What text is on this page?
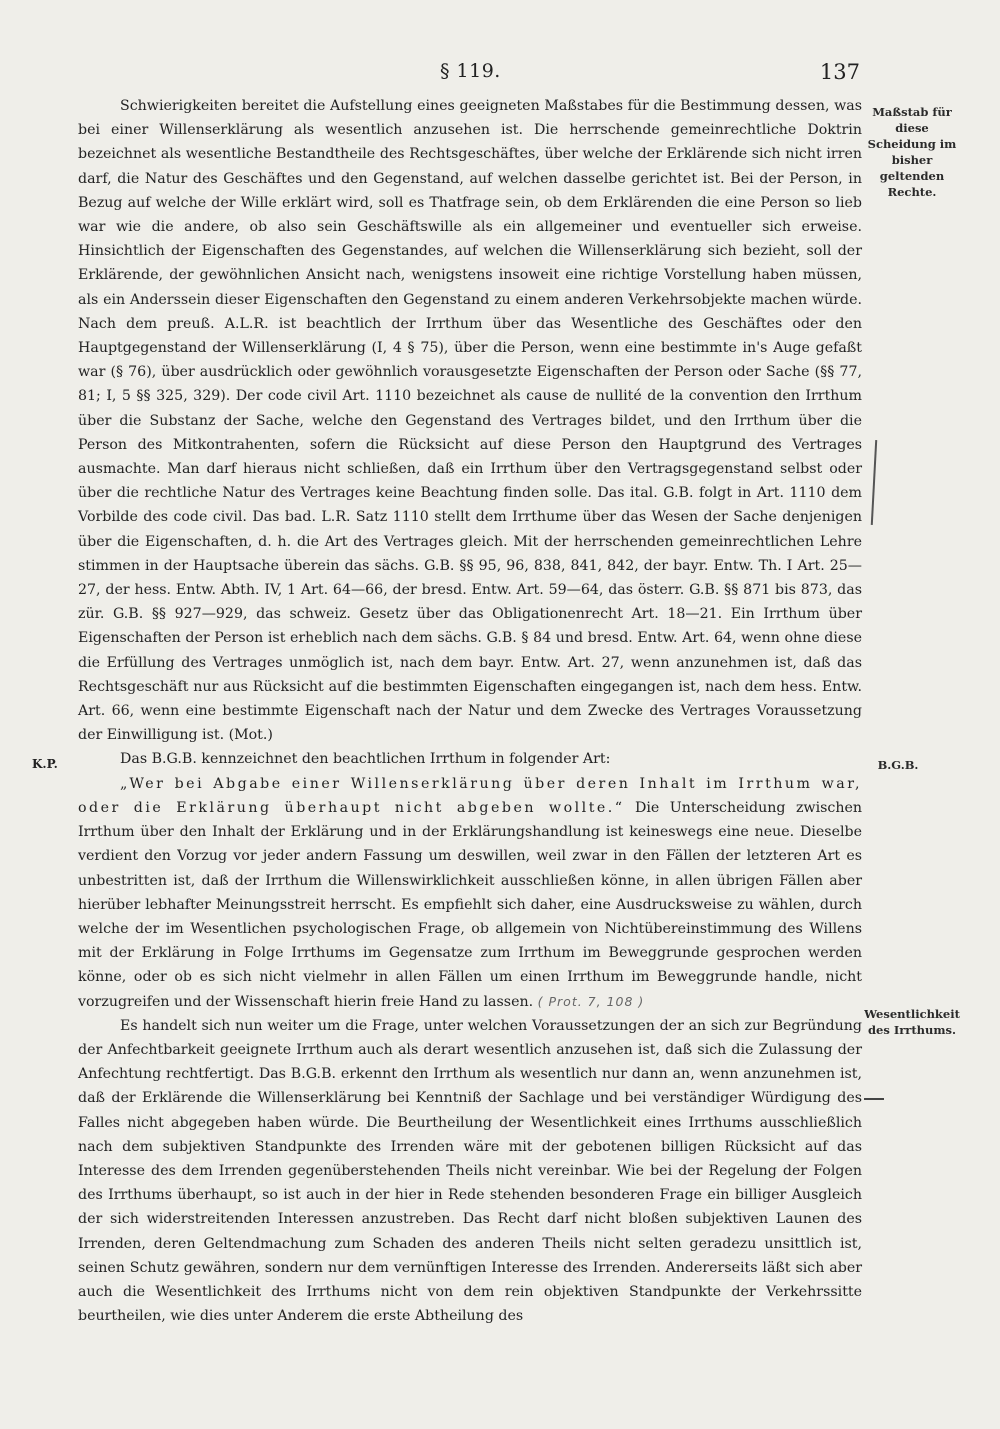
§ 119.	137
Maßstab für diese Scheidung im bisher geltenden Rechte.
B.G.B.
Wesentlichkeit des Irrthums.
K.P.

Schwierigkeiten bereitet die Aufstellung eines geeigneten Maßstabes für die Bestimmung dessen, was bei einer Willenserklärung als wesentlich anzusehen ist. Die herrschende gemeinrechtliche Doktrin bezeichnet als wesentliche Bestandtheile des Rechtsgeschäftes, über welche der Erklärende sich nicht irren darf, die Natur des Geschäftes und den Gegenstand, auf welchen dasselbe gerichtet ist. Bei der Person, in Bezug auf welche der Wille erklärt wird, soll es Thatfrage sein, ob dem Erklärenden die eine Person so lieb war wie die andere, ob also sein Geschäftswille als ein allgemeiner und eventueller sich erweise. Hinsichtlich der Eigenschaften des Gegenstandes, auf welchen die Willenserklärung sich bezieht, soll der Erklärende, der gewöhnlichen Ansicht nach, wenigstens insoweit eine richtige Vorstellung haben müssen, als ein Anderssein dieser Eigenschaften den Gegenstand zu einem anderen Verkehrsobjekte machen würde. Nach dem preuß. A.L.R. ist beachtlich der Irrthum über das Wesentliche des Geschäftes oder den Hauptgegenstand der Willenserklärung (I, 4 § 75), über die Person, wenn eine bestimmte in's Auge gefaßt war (§ 76), über ausdrücklich oder gewöhnlich vorausgesetzte Eigenschaften der Person oder Sache (§§ 77, 81; I, 5 §§ 325, 329). Der code civil Art. 1110 bezeichnet als cause de nullité de la convention den Irrthum über die Substanz der Sache, welche den Gegenstand des Vertrages bildet, und den Irrthum über die Person des Mitkontrahenten, sofern die Rücksicht auf diese Person den Hauptgrund des Vertrages ausmachte. Man darf hieraus nicht schließen, daß ein Irrthum über den Vertragsgegenstand selbst oder über die rechtliche Natur des Vertrages keine Beachtung finden solle. Das ital. G.B. folgt in Art. 1110 dem Vorbilde des code civil. Das bad. L.R. Satz 1110 stellt dem Irrthume über das Wesen der Sache denjenigen über die Eigenschaften, d. h. die Art des Vertrages gleich. Mit der herrschenden gemeinrechtlichen Lehre stimmen in der Hauptsache überein das sächs. G.B. §§ 95, 96, 838, 841, 842, der bayr. Entw. Th. I Art. 25—27, der hess. Entw. Abth. IV, 1 Art. 64—66, der bresd. Entw. Art. 59—64, das österr. G.B. §§ 871 bis 873, das zür. G.B. §§ 927—929, das schweiz. Gesetz über das Obligationenrecht Art. 18—21. Ein Irrthum über Eigenschaften der Person ist erheblich nach dem sächs. G.B. § 84 und bresd. Entw. Art. 64, wenn ohne diese die Erfüllung des Vertrages unmöglich ist, nach dem bayr. Entw. Art. 27, wenn anzunehmen ist, daß das Rechtsgeschäft nur aus Rücksicht auf die bestimmten Eigenschaften eingegangen ist, nach dem hess. Entw. Art. 66, wenn eine bestimmte Eigenschaft nach der Natur und dem Zwecke des Vertrages Voraussetzung der Einwilligung ist. (Mot.)

Das B.G.B. kennzeichnet den beachtlichen Irrthum in folgender Art:

„Wer bei Abgabe einer Willenserklärung über deren Inhalt im Irrthum war, oder die Erklärung überhaupt nicht abgeben wollte.“ Die Unterscheidung zwischen Irrthum über den Inhalt der Erklärung und in der Erklärungshandlung ist keineswegs eine neue. Dieselbe verdient den Vorzug vor jeder andern Fassung um deswillen, weil zwar in den Fällen der letzteren Art es unbestritten ist, daß der Irrthum die Willenswirklichkeit ausschließen könne, in allen übrigen Fällen aber hierüber lebhafter Meinungsstreit herrscht. Es empfiehlt sich daher, eine Ausdrucksweise zu wählen, durch welche der im Wesentlichen psychologischen Frage, ob allgemein von Nichtübereinstimmung des Willens mit der Erklärung in Folge Irrthums im Gegensatze zum Irrthum im Beweggrunde gesprochen werden könne, oder ob es sich nicht vielmehr in allen Fällen um einen Irrthum im Beweggrunde handle, nicht vorzugreifen und der Wissenschaft hierin freie Hand zu lassen. ( Prot. 7, 108 )

Es handelt sich nun weiter um die Frage, unter welchen Voraussetzungen der an sich zur Begründung der Anfechtbarkeit geeignete Irrthum auch als derart wesentlich anzusehen ist, daß sich die Zulassung der Anfechtung rechtfertigt. Das B.G.B. erkennt den Irrthum als wesentlich nur dann an, wenn anzunehmen ist, daß der Erklärende die Willenserklärung bei Kenntniß der Sachlage und bei verständiger Würdigung des Falles nicht abgegeben haben würde. Die Beurtheilung der Wesentlichkeit eines Irrthums ausschließlich nach dem subjektiven Standpunkte des Irrenden wäre mit der gebotenen billigen Rücksicht auf das Interesse des dem Irrenden gegenüberstehenden Theils nicht vereinbar. Wie bei der Regelung der Folgen des Irrthums überhaupt, so ist auch in der hier in Rede stehenden besonderen Frage ein billiger Ausgleich der sich widerstreitenden Interessen anzustreben. Das Recht darf nicht bloßen subjektiven Launen des Irrenden, deren Geltendmachung zum Schaden des anderen Theils nicht selten geradezu unsittlich ist, seinen Schutz gewähren, sondern nur dem vernünftigen Interesse des Irrenden. Andererseits läßt sich aber auch die Wesentlichkeit des Irrthums nicht von dem rein objektiven Standpunkte der Verkehrssitte beurtheilen, wie dies unter Anderem die erste Abtheilung des
